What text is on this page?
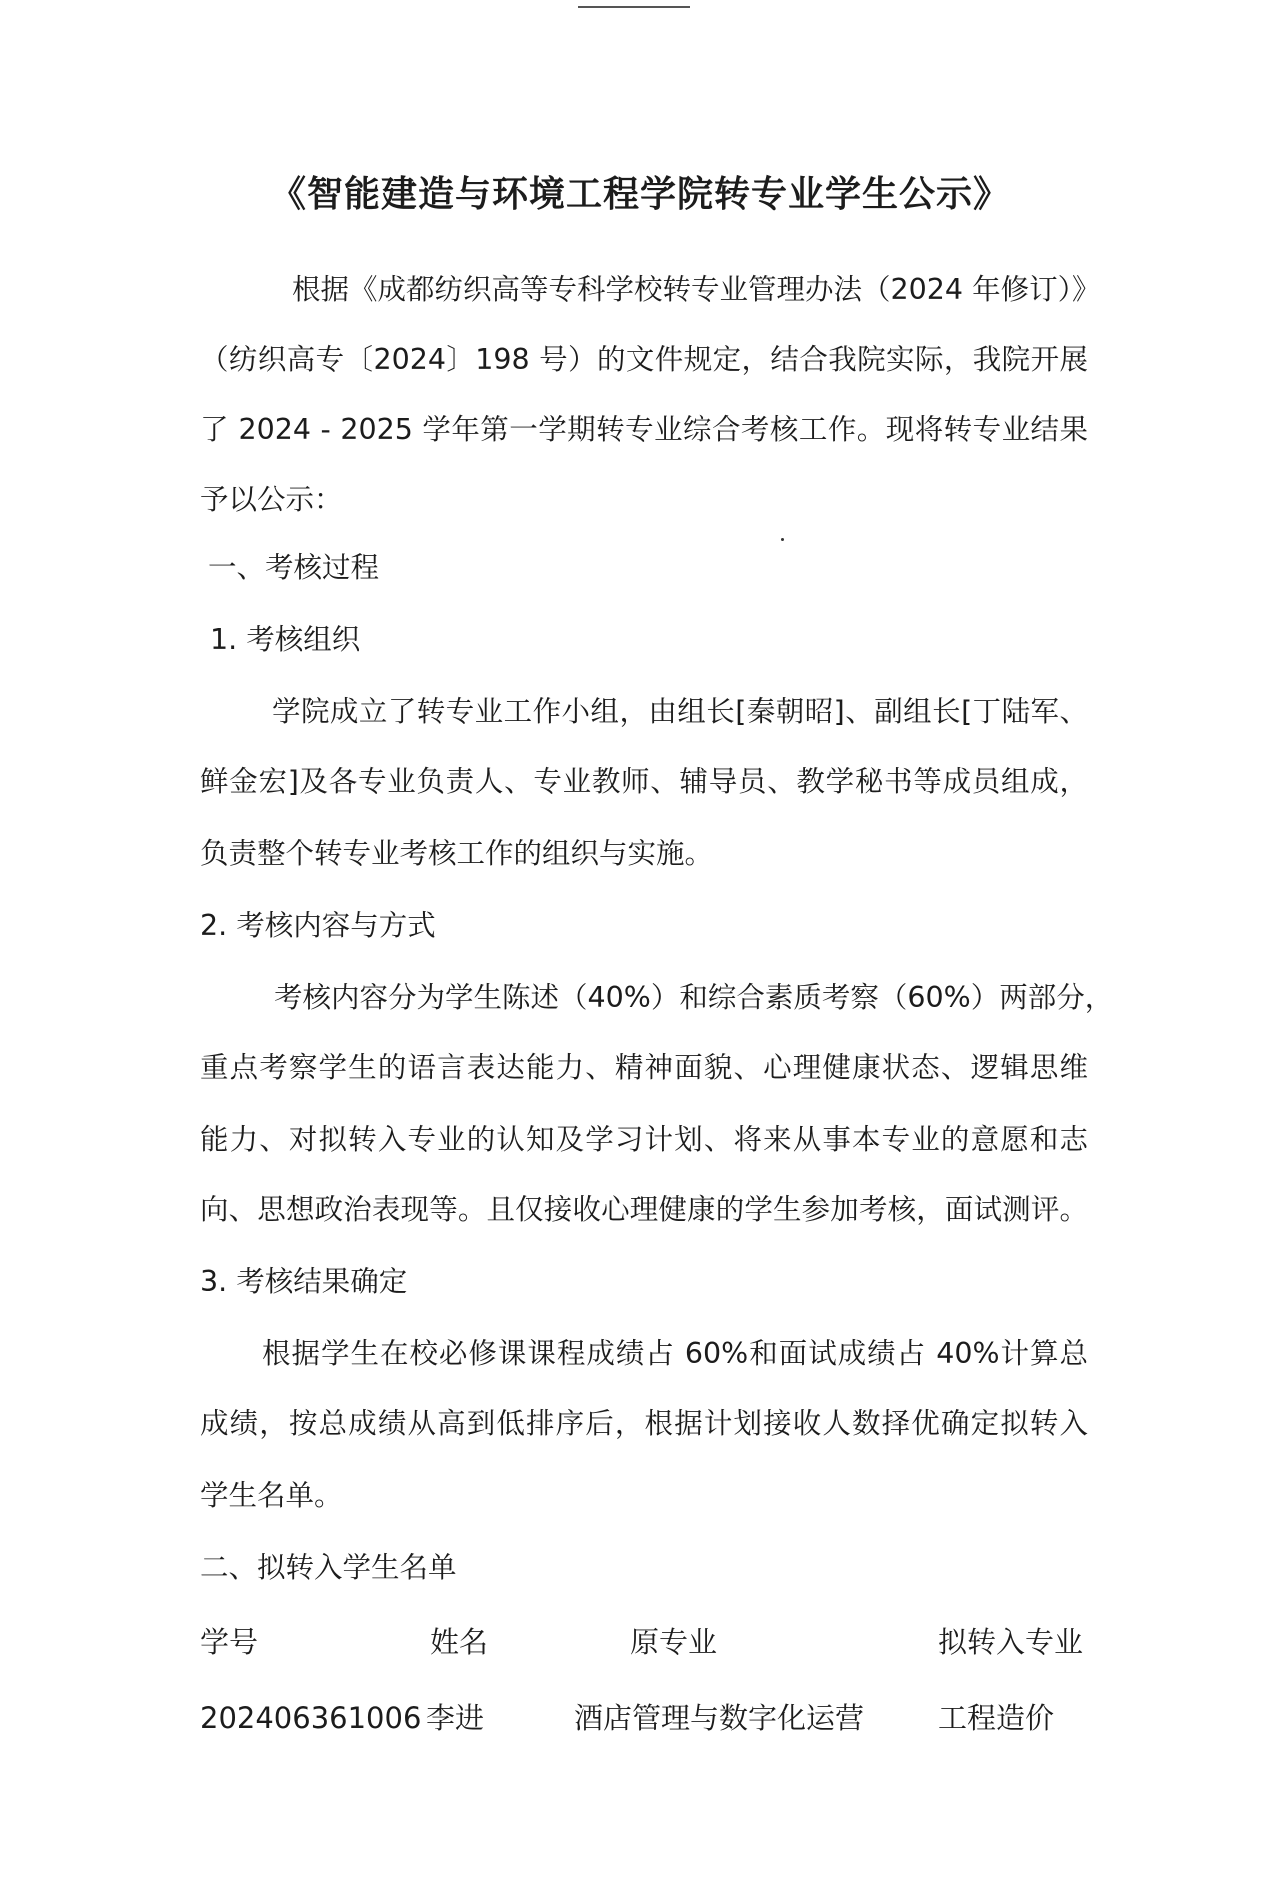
《智能建造与环境工程学院转专业学生公示》
根据《成都纺织高等专科学校转专业管理办法（2024 年修订）》
（纺织高专〔2024〕198 号）的文件规定，结合我院实际，我院开展
了 2024 - 2025 学年第一学期转专业综合考核工作。现将转专业结果
予以公示：
一、考核过程
1. 考核组织
学院成立了转专业工作小组，由组长[秦朝昭]、副组长[丁陆军、
鲜金宏]及各专业负责人、专业教师、辅导员、教学秘书等成员组成，
负责整个转专业考核工作的组织与实施。
2. 考核内容与方式
考核内容分为学生陈述（40%）和综合素质考察（60%）两部分，
重点考察学生的语言表达能力、精神面貌、心理健康状态、逻辑思维
能力、对拟转入专业的认知及学习计划、将来从事本专业的意愿和志
向、思想政治表现等。且仅接收心理健康的学生参加考核，面试测评。
3. 考核结果确定
根据学生在校必修课课程成绩占 60%和面试成绩占 40%计算总
成绩，按总成绩从高到低排序后，根据计划接收人数择优确定拟转入
学生名单。
二、拟转入学生名单
学号	姓名	原专业	拟转入专业
202406361006 李进	酒店管理与数字化运营	工程造价
